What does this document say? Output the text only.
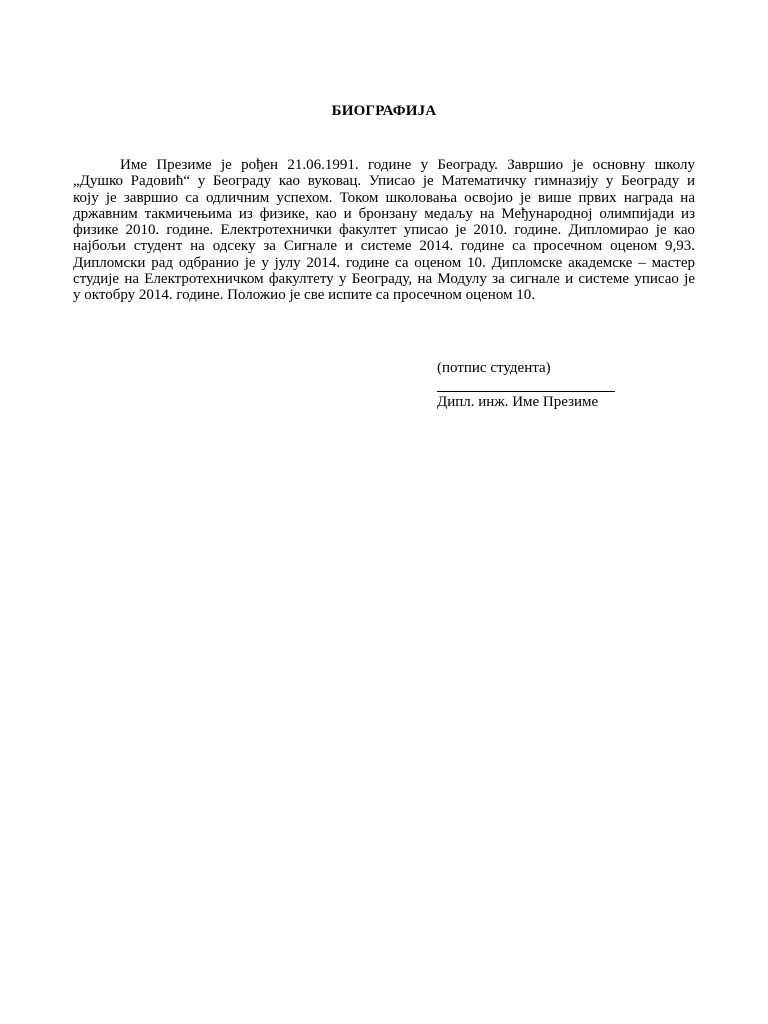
БИОГРАФИЈА
Име Презиме је рођен 21.06.1991. године у Београду. Завршио је основну школу
„Душко Радовић“ у Београду као вуковац. Уписао је Математичку гимназију у Београду и
коју је завршио са одличним успехом. Током школовања освојио је више првих награда на
државним такмичењима из физике, као и бронзану медаљу на Међународној олимпијади из
физике 2010. године. Електротехнички факултет уписао је 2010. године. Дипломирао је као
најбољи студент на одсеку за Сигнале и системе 2014. године са просечном оценом 9,93.
Дипломски рад одбранио је у јулу 2014. године са оценом 10. Дипломске академске – мастер
студије на Електротехничком факултету у Београду, на Модулу за сигнале и системе уписао је
у октобру 2014. године. Положио је све испите са просечном оценом 10.
(потпис студента)
Дипл. инж. Име Презиме
